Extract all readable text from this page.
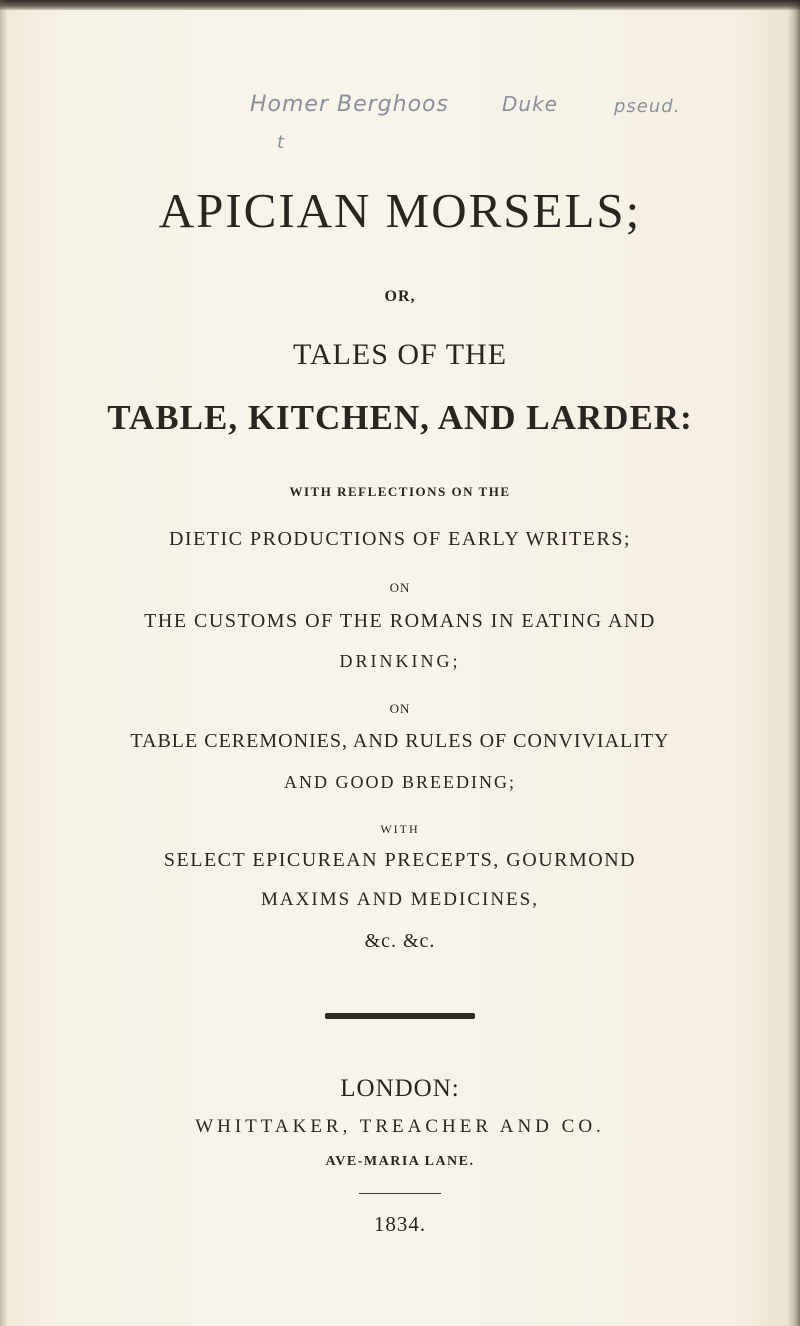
Homer Berghoos	Duke	pseud.
t
APICIAN MORSELS;
OR,
TALES OF THE
TABLE, KITCHEN, AND LARDER:
WITH REFLECTIONS ON THE
DIETIC PRODUCTIONS OF EARLY WRITERS;
ON
THE CUSTOMS OF THE ROMANS IN EATING AND
DRINKING;
ON
TABLE CEREMONIES, AND RULES OF CONVIVIALITY
AND GOOD BREEDING;
WITH
SELECT EPICUREAN PRECEPTS, GOURMOND
MAXIMS AND MEDICINES,
&c. &c.
LONDON:
WHITTAKER, TREACHER AND CO.
AVE-MARIA LANE.
1834.
